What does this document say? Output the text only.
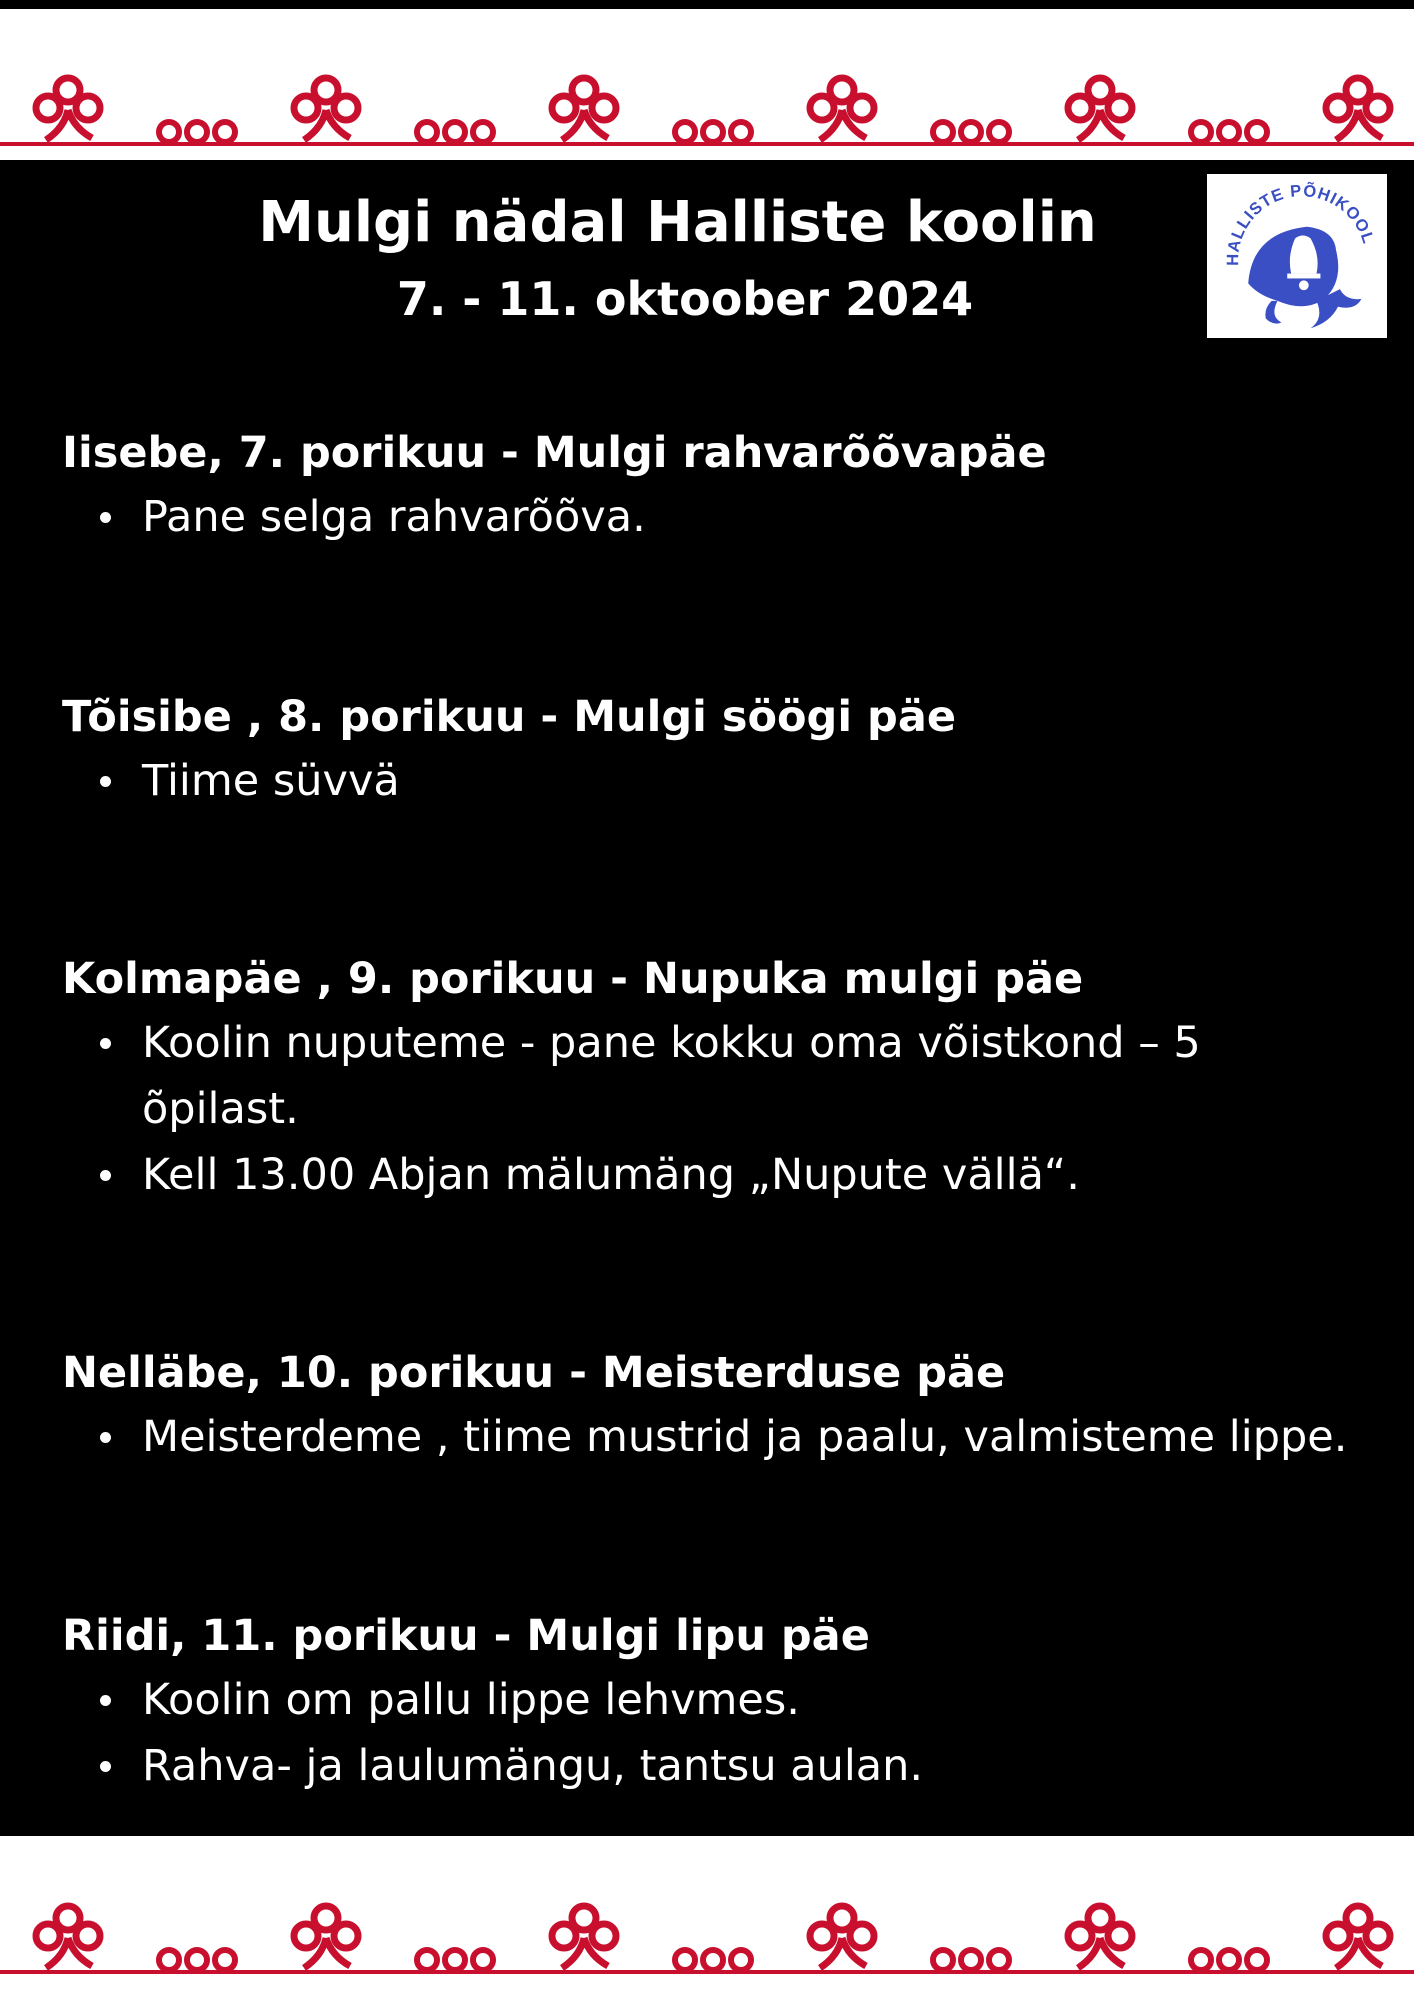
Mulgi nädal Halliste koolin
7. - 11. oktoober 2024
HALLISTE PÕHIKOOL
Iisebe, 7. porikuu - Mulgi rahvarõõvapäe
Pane selga rahvarõõva.
Tõisibe , 8. porikuu - Mulgi söögi päe
Tiime süvvä
Kolmapäe , 9. porikuu - Nupuka mulgi päe
Koolin nuputeme - pane kokku oma võistkond – 5 õpilast.
Kell 13.00 Abjan mälumäng „Nupute vällä“.
Nelläbe, 10. porikuu - Meisterduse päe
Meisterdeme , tiime mustrid ja paalu, valmisteme lippe.
Riidi, 11. porikuu - Mulgi lipu päe
Koolin om pallu lippe lehvmes.
Rahva- ja laulumängu, tantsu aulan.
